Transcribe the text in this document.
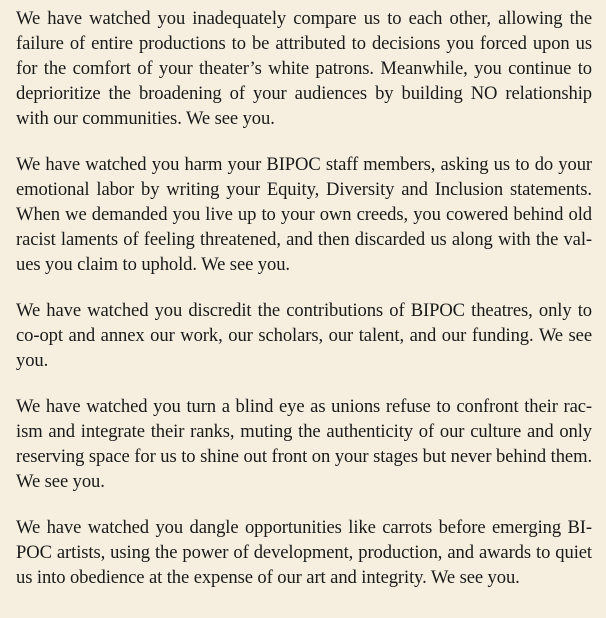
We have watched you inadequately compare us to each other, allowing the
failure of entire productions to be attributed to decisions you forced upon us
for the comfort of your theater’s white patrons. Meanwhile, you continue to
deprioritize the broadening of your audiences by building NO relationship
with our communities. We see you.

We have watched you harm your BIPOC staff members, asking us to do your
emotional labor by writing your Equity, Diversity and Inclusion statements.
When we demanded you live up to your own creeds, you cowered behind old
racist laments of feeling threatened, and then discarded us along with the val-
ues you claim to uphold. We see you.

We have watched you discredit the contributions of BIPOC theatres, only to
co-opt and annex our work, our scholars, our talent, and our funding. We see
you.

We have watched you turn a blind eye as unions refuse to confront their rac-
ism and integrate their ranks, muting the authenticity of our culture and only
reserving space for us to shine out front on your stages but never behind them.
We see you.

We have watched you dangle opportunities like carrots before emerging BI-
POC artists, using the power of development, production, and awards to quiet
us into obedience at the expense of our art and integrity. We see you.
